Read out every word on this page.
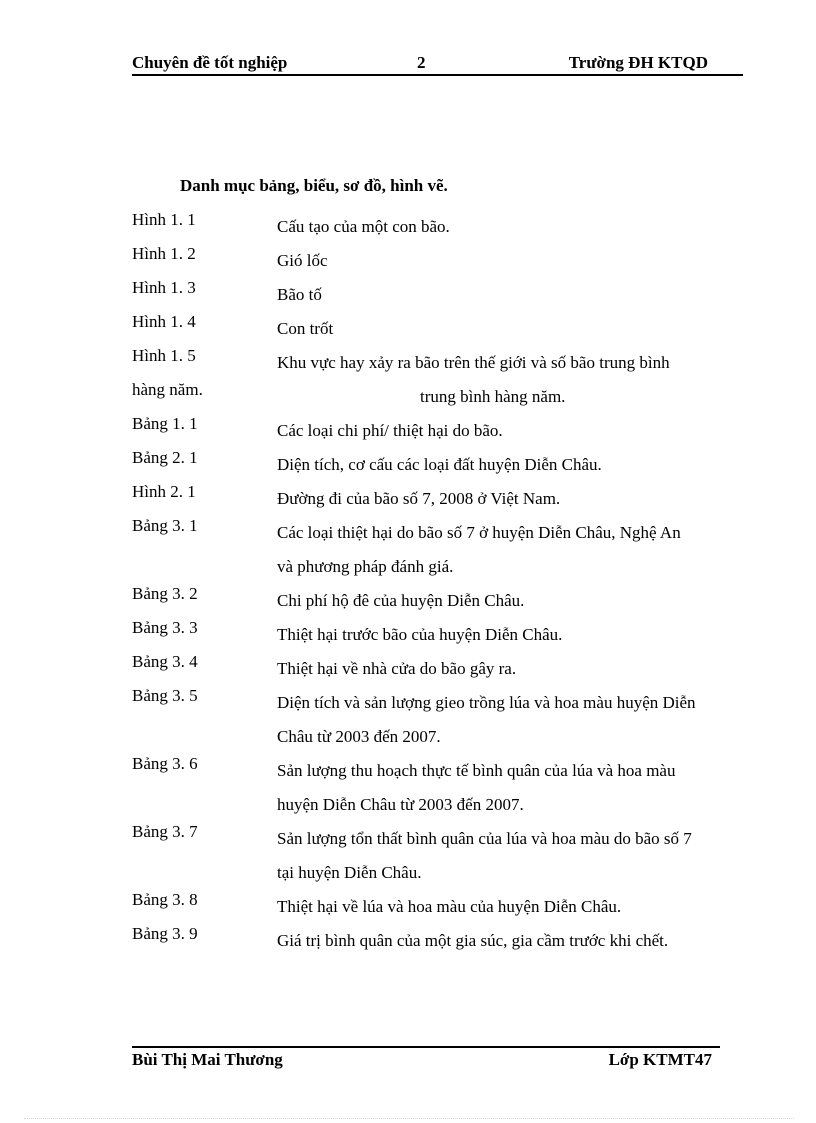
Chuyên đề tốt nghiệp	2	Trường ĐH KTQD
Danh mục bảng, biểu, sơ đồ, hình vẽ.
Hình 1. 1	Cấu tạo của một con bão.
Hình 1. 2	Gió lốc
Hình 1. 3	Bão tố
Hình 1. 4	Con trốt
Hình 1. 5	Khu vực hay xảy ra bão trên thế giới và số bão trung bình
hàng năm.	trung bình hàng năm.
Bảng 1. 1	Các loại chi phí/ thiệt hại do bão.
Bảng 2. 1	Diện tích, cơ cấu các loại đất huyện Diễn Châu.
Hình 2. 1	Đường đi của bão số 7, 2008 ở Việt Nam.
Bảng 3. 1	Các loại thiệt hại do bão số 7 ở huyện Diễn Châu, Nghệ An
và phương pháp đánh giá.
Bảng 3. 2	Chi phí hộ đê của huyện Diễn Châu.
Bảng 3. 3	Thiệt hại trước bão của huyện Diễn Châu.
Bảng 3. 4	Thiệt hại về nhà cửa do bão gây ra.
Bảng 3. 5	Diện tích và sản lượng gieo trồng lúa và hoa màu huyện Diễn
Châu từ 2003 đến 2007.
Bảng 3. 6	Sản lượng thu hoạch thực tế bình quân của lúa và hoa màu
huyện Diễn Châu từ 2003 đến 2007.
Bảng 3. 7	Sản lượng tổn thất bình quân của lúa và hoa màu do bão số 7
tại huyện Diễn Châu.
Bảng 3. 8	Thiệt hại về lúa và hoa màu của huyện Diễn Châu.
Bảng 3. 9	Giá trị bình quân của một gia súc, gia cầm trước khi chết.
Bùi Thị Mai Thương	Lớp KTMT47
